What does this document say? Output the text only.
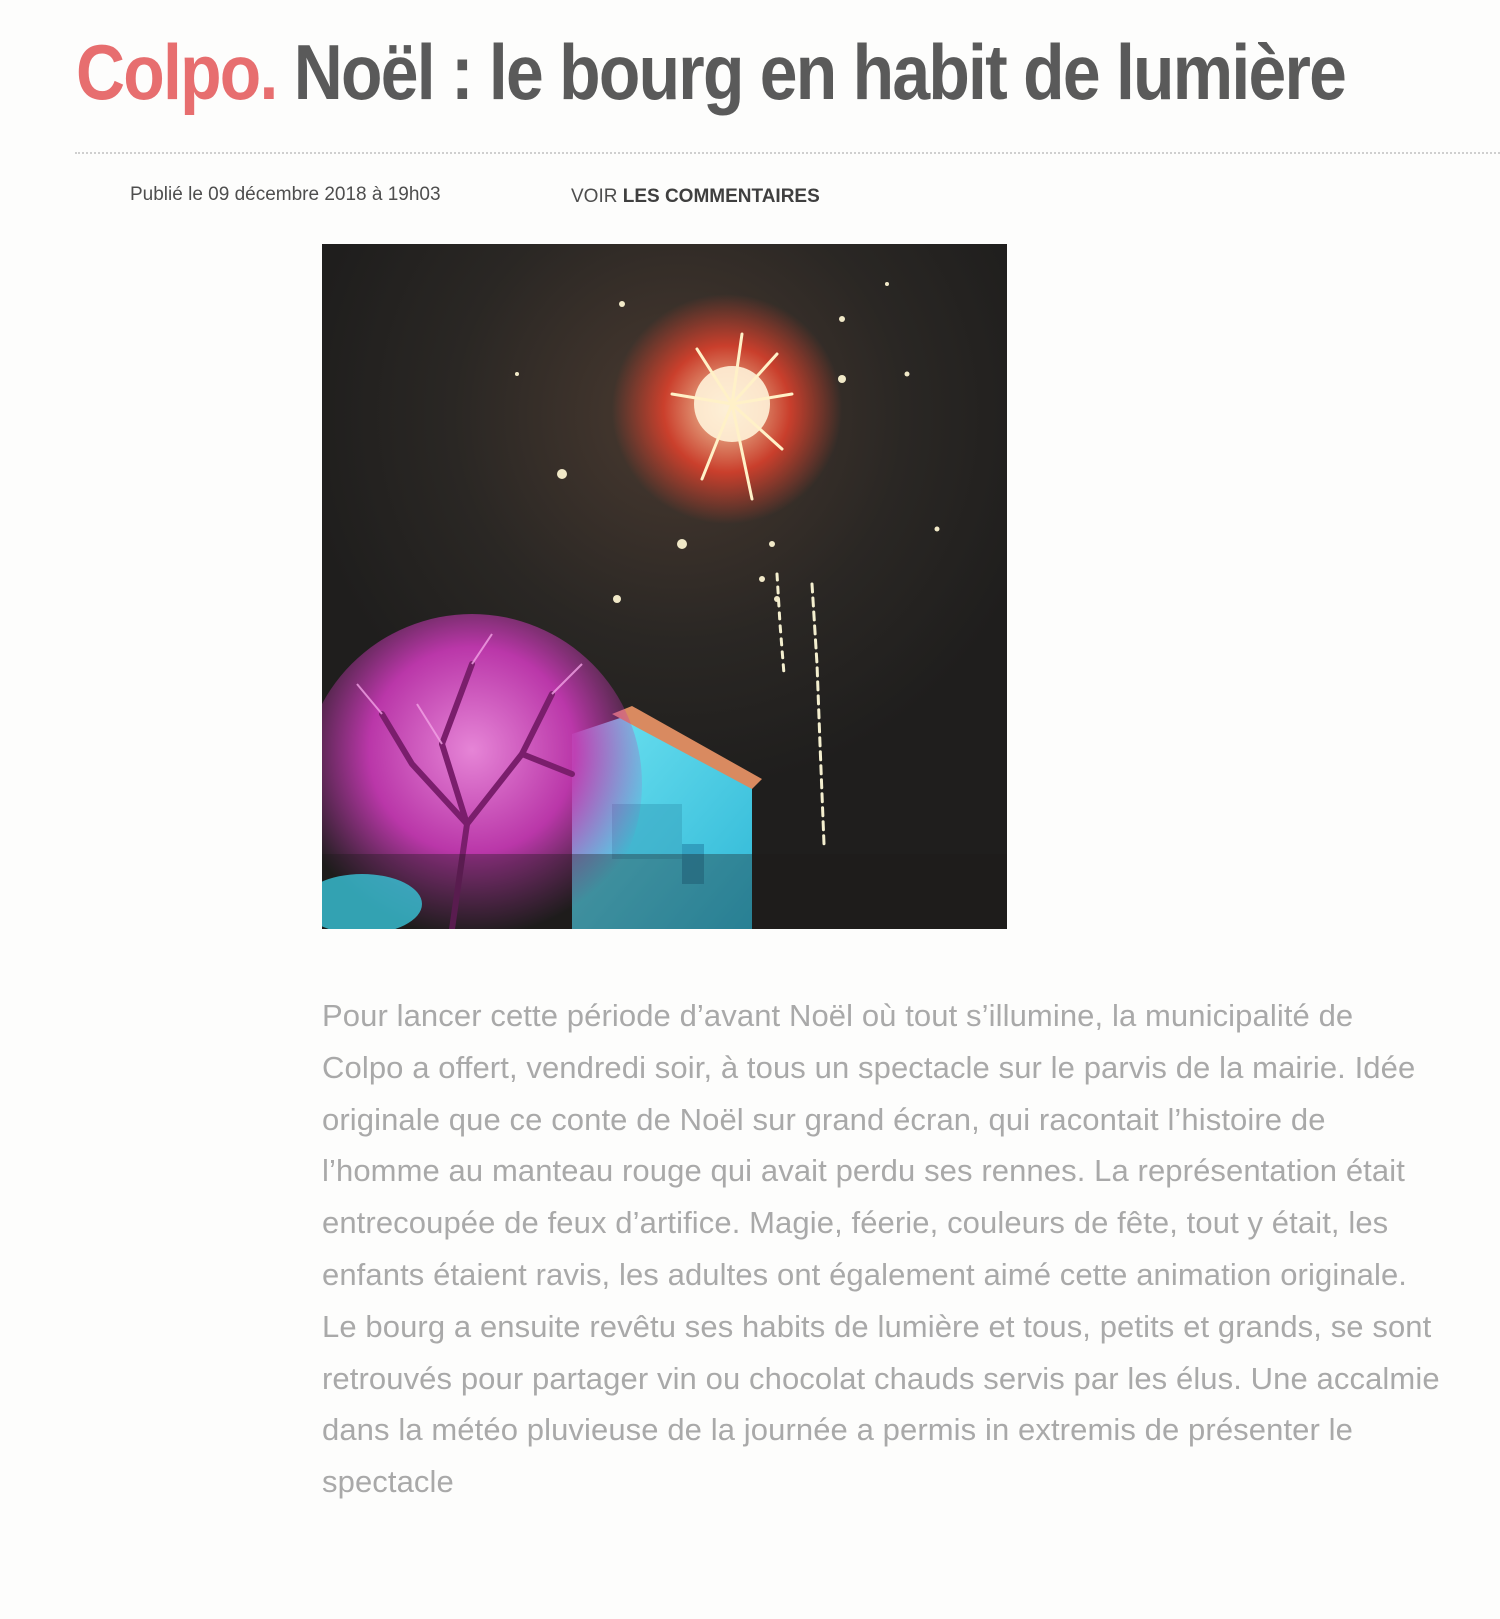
Colpo. Noël : le bourg en habit de lumière
Publié le 09 décembre 2018 à 19h03	VOIR LES COMMENTAIRES

Pour lancer cette période d’avant Noël où tout s’illumine, la municipalité de Colpo a offert, vendredi soir, à tous un spectacle sur le parvis de la mairie. Idée originale que ce conte de Noël sur grand écran, qui racontait l’histoire de l’homme au manteau rouge qui avait perdu ses rennes. La représentation était entrecoupée de feux d’artifice. Magie, féerie, couleurs de fête, tout y était, les enfants étaient ravis, les adultes ont également aimé cette animation originale. Le bourg a ensuite revêtu ses habits de lumière et tous, petits et grands, se sont retrouvés pour partager vin ou chocolat chauds servis par les élus. Une accalmie dans la météo pluvieuse de la journée a permis in extremis de présenter le spectacle
